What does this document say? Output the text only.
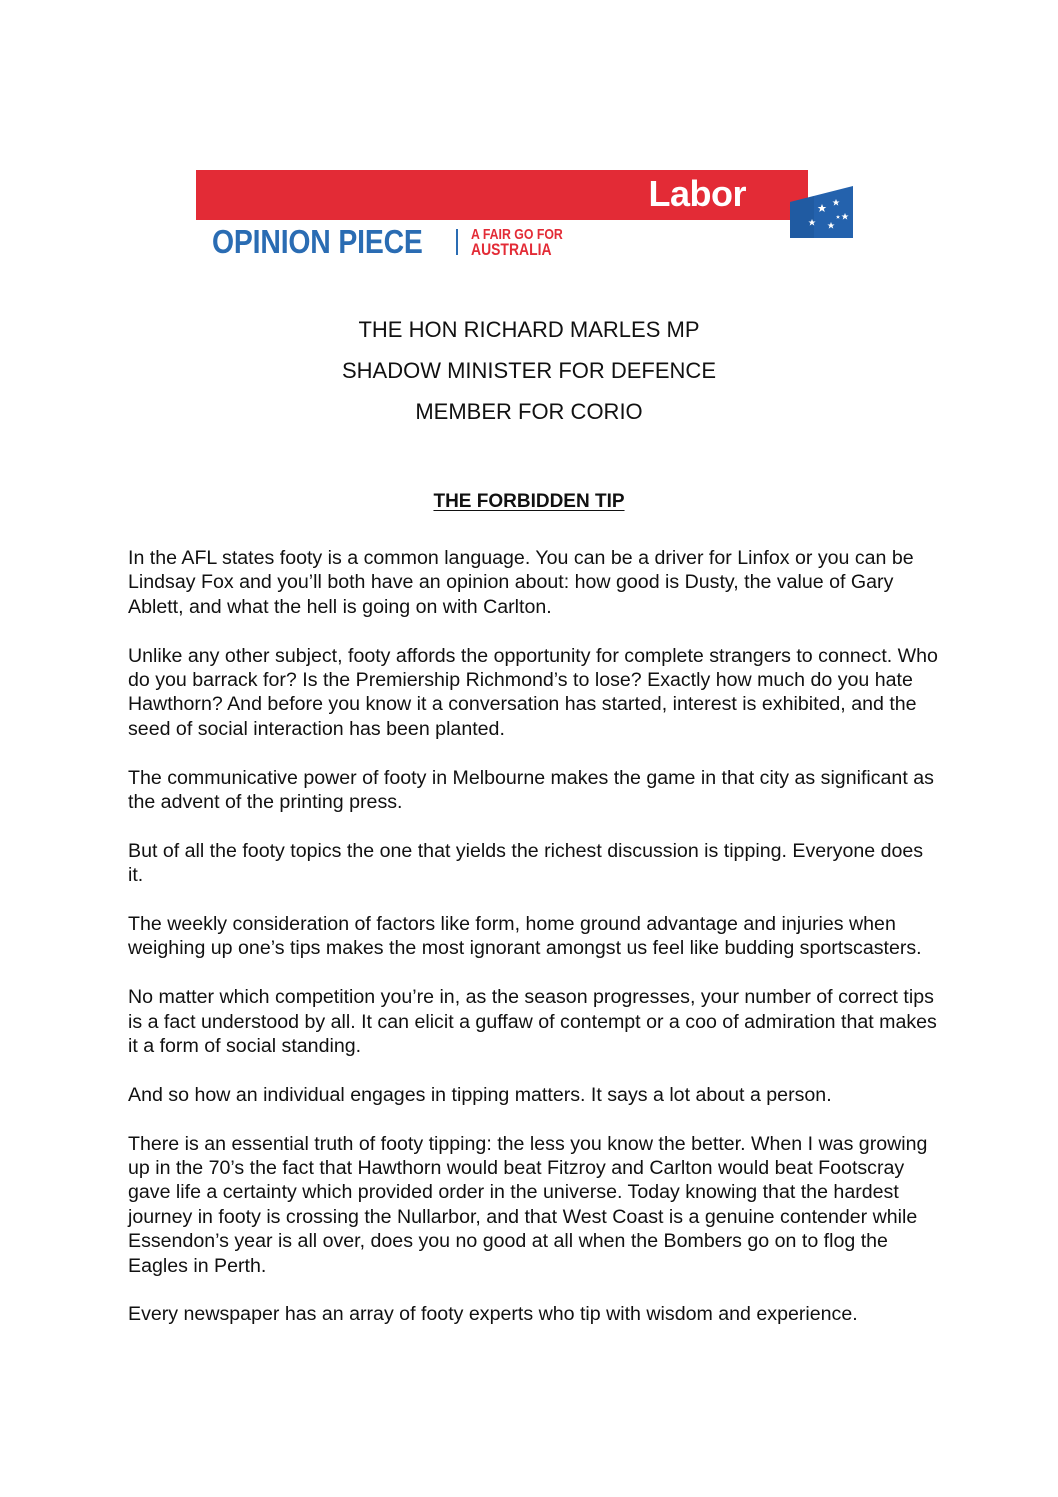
Labor
OPINION PIECE	A FAIR GO FOR
AUSTRALIA
THE HON RICHARD MARLES MP
SHADOW MINISTER FOR DEFENCE
MEMBER FOR CORIO
THE FORBIDDEN TIP

In the AFL states footy is a common language. You can be a driver for Linfox or you can be Lindsay Fox and you’ll both have an opinion about: how good is Dusty, the value of Gary Ablett, and what the hell is going on with Carlton.

Unlike any other subject, footy affords the opportunity for complete strangers to connect. Who do you barrack for? Is the Premiership Richmond’s to lose? Exactly how much do you hate Hawthorn? And before you know it a conversation has started, interest is exhibited, and the seed of social interaction has been planted.

The communicative power of footy in Melbourne makes the game in that city as significant as the advent of the printing press.

But of all the footy topics the one that yields the richest discussion is tipping. Everyone does it.

The weekly consideration of factors like form, home ground advantage and injuries when weighing up one’s tips makes the most ignorant amongst us feel like budding sportscasters.

No matter which competition you’re in, as the season progresses, your number of correct tips is a fact understood by all. It can elicit a guffaw of contempt or a coo of admiration that makes it a form of social standing.

And so how an individual engages in tipping matters. It says a lot about a person.

There is an essential truth of footy tipping: the less you know the better. When I was growing up in the 70’s the fact that Hawthorn would beat Fitzroy and Carlton would beat Footscray gave life a certainty which provided order in the universe. Today knowing that the hardest journey in footy is crossing the Nullarbor, and that West Coast is a genuine contender while Essendon’s year is all over, does you no good at all when the Bombers go on to flog the Eagles in Perth.

Every newspaper has an array of footy experts who tip with wisdom and experience.
